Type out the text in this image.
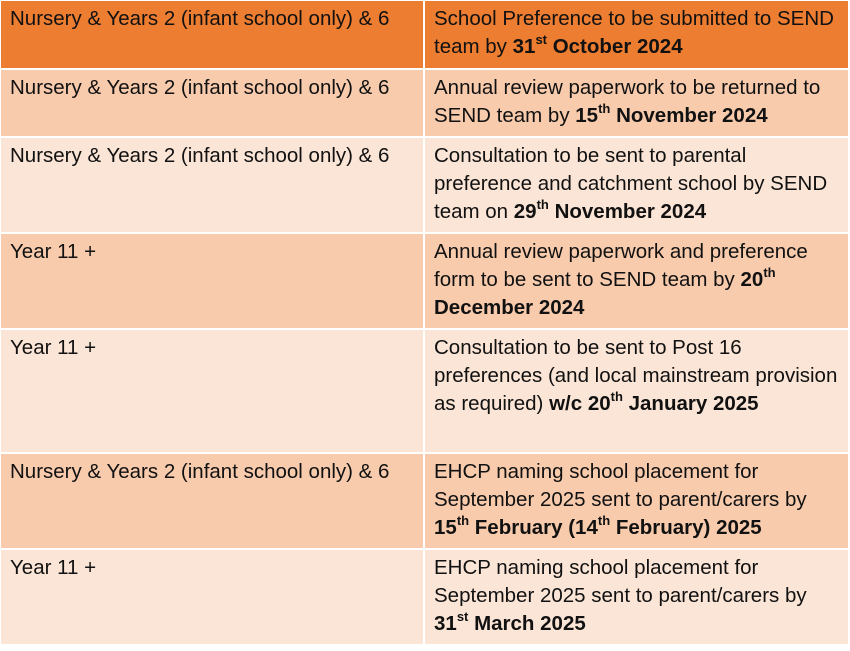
Nursery & Years 2 (infant school only) & 6	School Preference to be submitted to SEND team by 31st October 2024
Nursery & Years 2 (infant school only) & 6	Annual review paperwork to be returned to SEND team by 15th November 2024
Nursery & Years 2 (infant school only) & 6	Consultation to be sent to parental preference and catchment school by SEND team on 29th November 2024
Year 11 +	Annual review paperwork and preference form to be sent to SEND team by 20th December 2024
Year 11 +	Consultation to be sent to Post 16 preferences (and local mainstream provision as required) w/c 20th January 2025
Nursery & Years 2 (infant school only) & 6	EHCP naming school placement for September 2025 sent to parent/carers by 15th February (14th February) 2025
Year 11 +	EHCP naming school placement for September 2025 sent to parent/carers by 31st March 2025
